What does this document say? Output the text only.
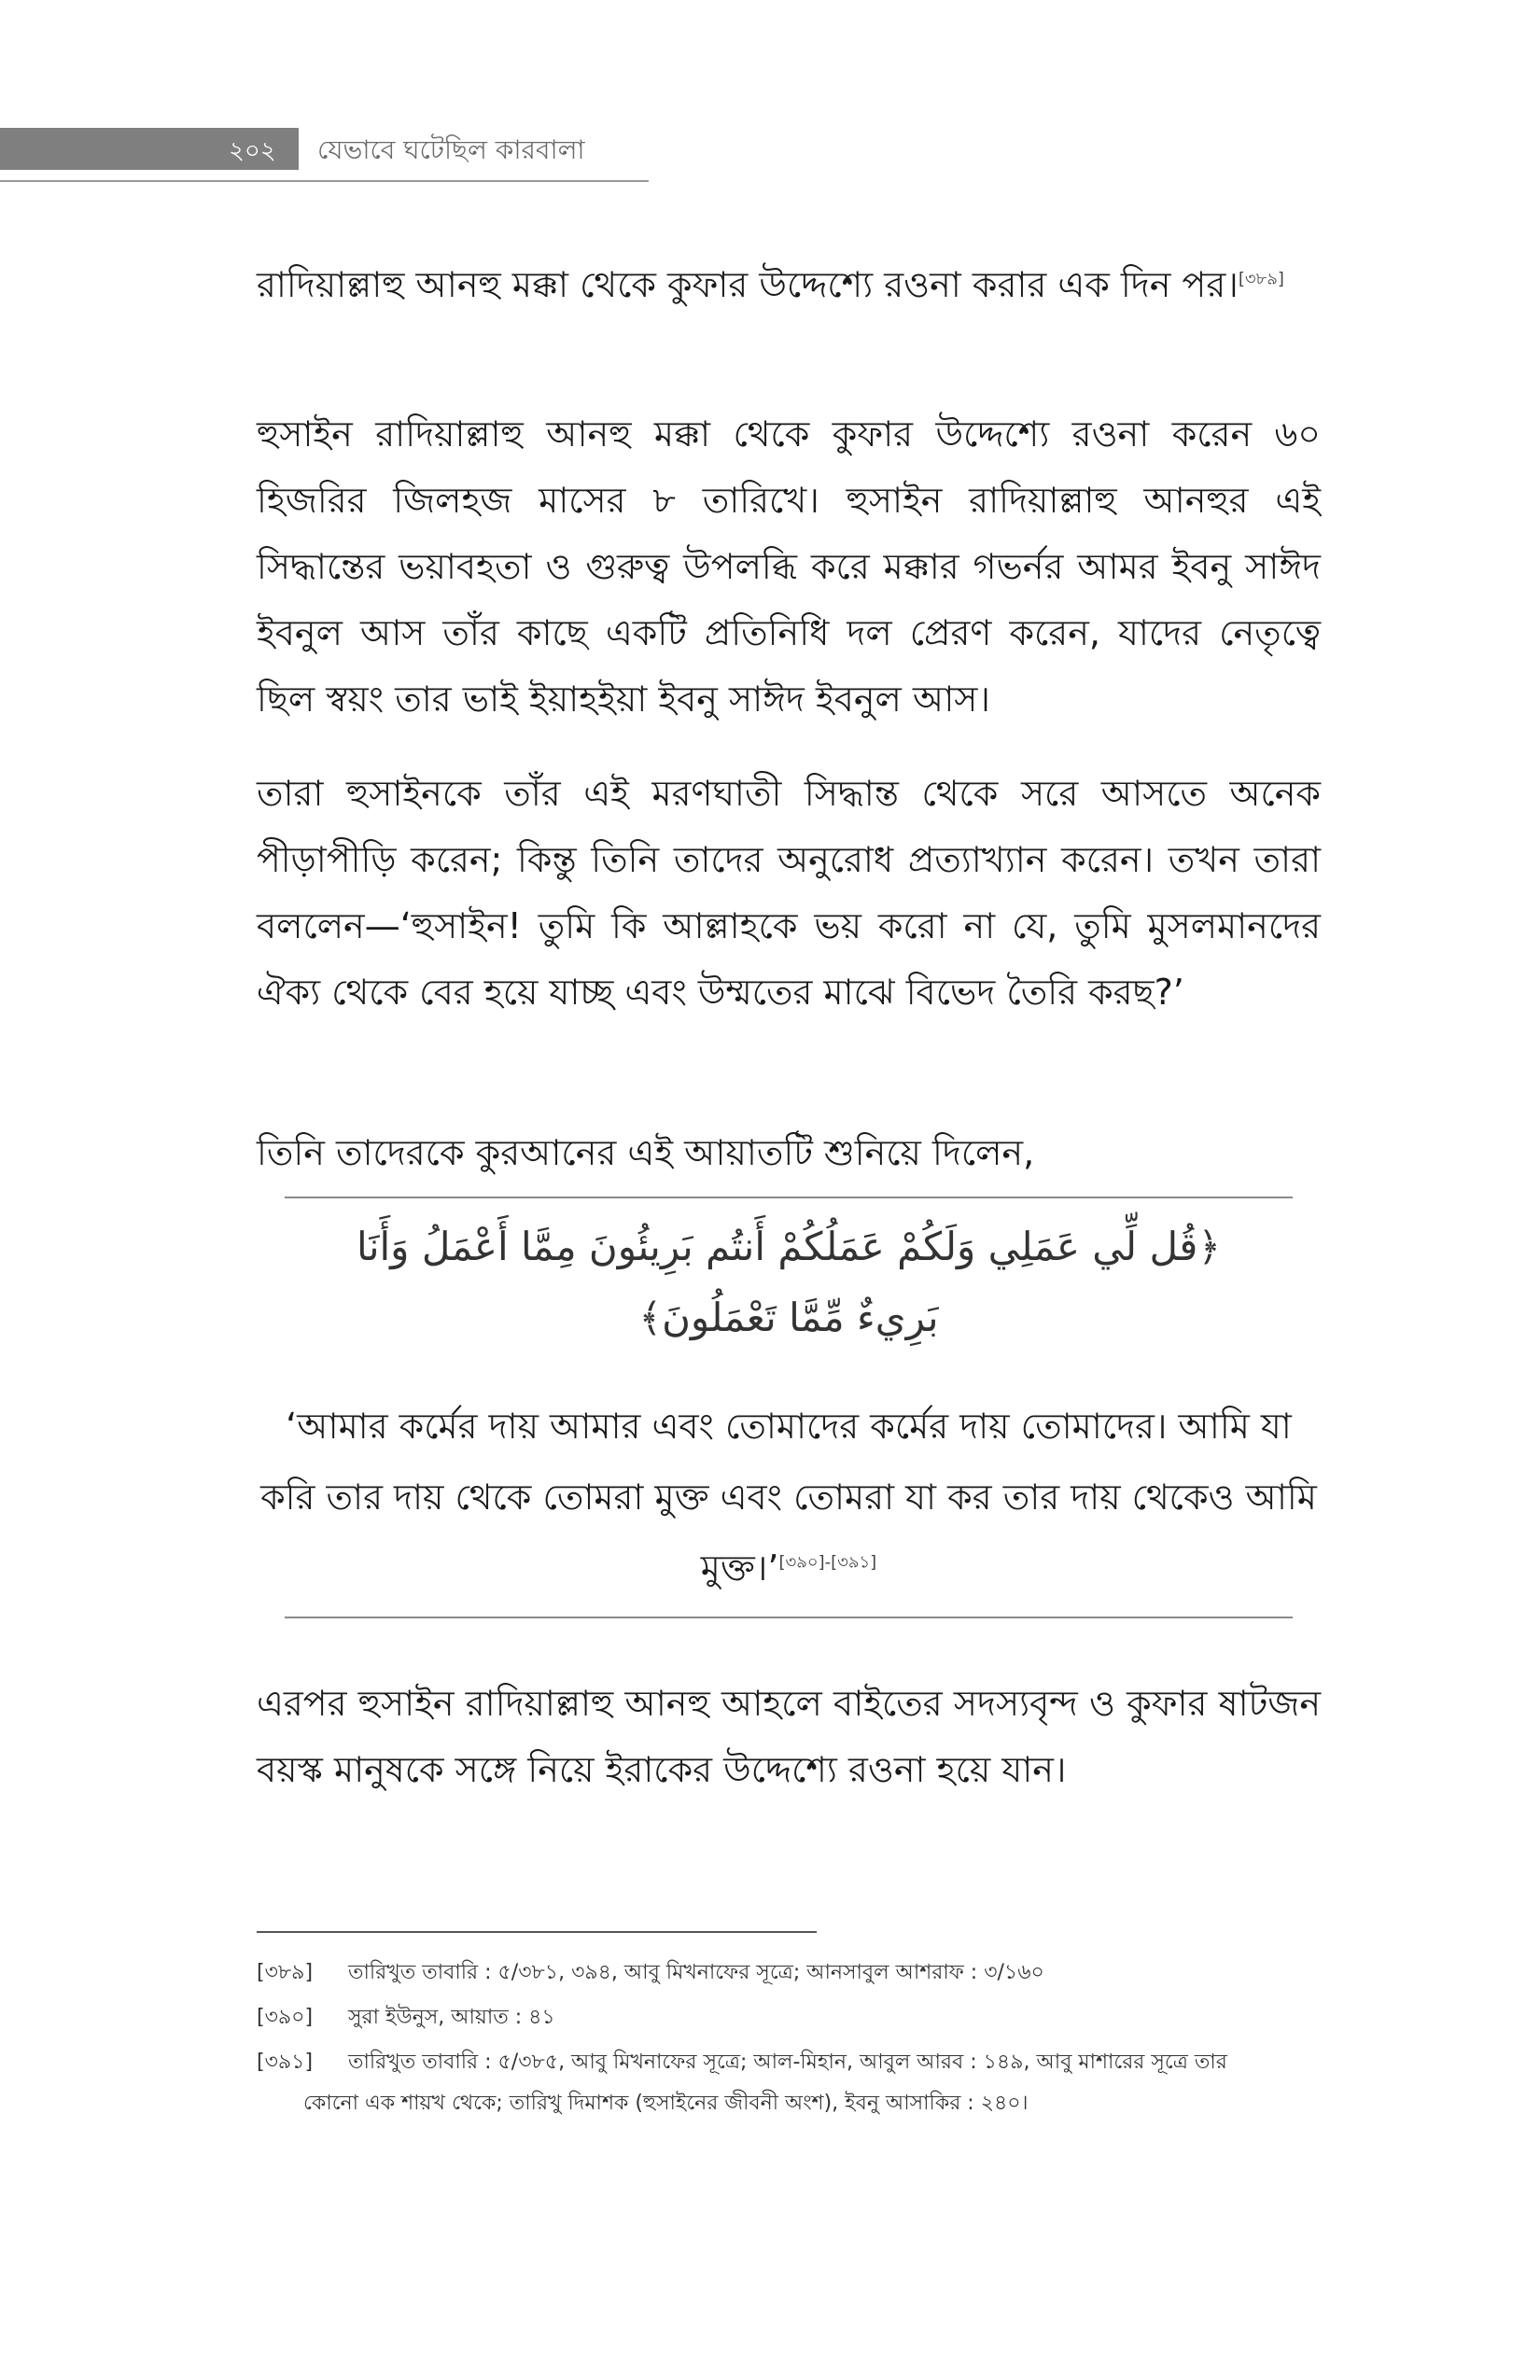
২০২ যেভাবে ঘটেছিল কারবালা

রাদিয়াল্লাহু আনহু মক্কা থেকে কুফার উদ্দেশ্যে রওনা করার এক দিন পর।[৩৮৯]

হুসাইন রাদিয়াল্লাহু আনহু মক্কা থেকে কুফার উদ্দেশ্যে রওনা করেন ৬০ হিজরির জিলহজ মাসের ৮ তারিখে। হুসাইন রাদিয়াল্লাহু আনহুর এই সিদ্ধান্তের ভয়াবহতা ও গুরুত্ব উপলব্ধি করে মক্কার গভর্নর আমর ইবনু সাঈদ ইবনুল আস তাঁর কাছে একটি প্রতিনিধি দল প্রেরণ করেন, যাদের নেতৃত্বে ছিল স্বয়ং তার ভাই ইয়াহইয়া ইবনু সাঈদ ইবনুল আস।

তারা হুসাইনকে তাঁর এই মরণঘাতী সিদ্ধান্ত থেকে সরে আসতে অনেক পীড়াপীড়ি করেন; কিন্তু তিনি তাদের অনুরোধ প্রত্যাখ্যান করেন। তখন তারা বললেন—‘হুসাইন! তুমি কি আল্লাহকে ভয় করো না যে, তুমি মুসলমানদের ঐক্য থেকে বের হয়ে যাচ্ছ এবং উম্মতের মাঝে বিভেদ তৈরি করছ?’

তিনি তাদেরকে কুরআনের এই আয়াতটি শুনিয়ে দিলেন,

﴿قُل لِّي عَمَلِي وَلَكُمْ عَمَلُكُمْ أَنتُم بَرِيئُونَ مِمَّا أَعْمَلُ وَأَنَا

بَرِيءٌ مِّمَّا تَعْمَلُونَ﴾

‘আমার কর্মের দায় আমার এবং তোমাদের কর্মের দায় তোমাদের। আমি যা করি তার দায় থেকে তোমরা মুক্ত এবং তোমরা যা কর তার দায় থেকেও আমি মুক্ত।’[৩৯০]-[৩৯১]

এরপর হুসাইন রাদিয়াল্লাহু আনহু আহলে বাইতের সদস্যবৃন্দ ও কুফার ষাটজন বয়স্ক মানুষকে সঙ্গে নিয়ে ইরাকের উদ্দেশ্যে রওনা হয়ে যান।

[৩৮৯] তারিখুত তাবারি : ৫/৩৮১, ৩৯৪, আবু মিখনাফের সূত্রে; আনসাবুল আশরাফ : ৩/১৬০
[৩৯০] সুরা ইউনুস, আয়াত : ৪১
[৩৯১] তারিখুত তাবারি : ৫/৩৮৫, আবু মিখনাফের সূত্রে; আল-মিহান, আবুল আরব : ১৪৯, আবু মাশারের সূত্রে তার
কোনো এক শায়খ থেকে; তারিখু দিমাশক (হুসাইনের জীবনী অংশ), ইবনু আসাকির : ২৪০।
